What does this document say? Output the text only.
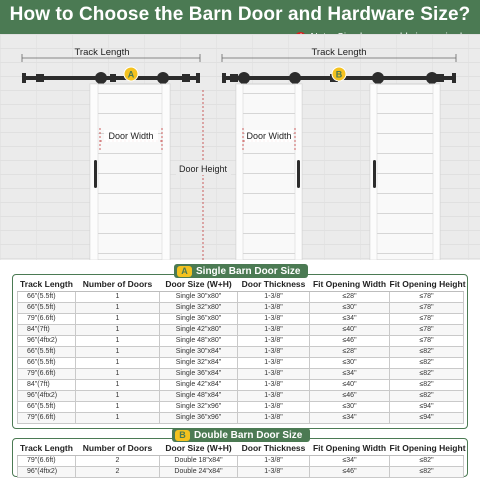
How to Choose the Barn Door and Hardware Size?
Track Length
A
Door Width
Door Height
Track Length
B
Door Width
A Single Barn Door Size
Track Length	Number of Doors	Door Size (W+H)	Door Thickness	Fit Opening Width	Fit Opening Height
66"(5.5ft)	1	Single 30"x80"	1-3/8"	≤28"	≤78"
66"(5.5ft)	1	Single 32"x80"	1-3/8"	≤30"	≤78"
79"(6.6ft)	1	Single 36"x80"	1-3/8"	≤34"	≤78"
84"(7ft)	1	Single 42"x80"	1-3/8"	≤40"	≤78"
96"(4ftx2)	1	Single 48"x80"	1-3/8"	≤46"	≤78"
66"(5.5ft)	1	Single 30"x84"	1-3/8"	≤28"	≤82"
66"(5.5ft)	1	Single 32"x84"	1-3/8"	≤30"	≤82"
79"(6.6ft)	1	Single 36"x84"	1-3/8"	≤34"	≤82"
84"(7ft)	1	Single 42"x84"	1-3/8"	≤40"	≤82"
96"(4ftx2)	1	Single 48"x84"	1-3/8"	≤46"	≤82"
66"(5.5ft)	1	Single 32"x96"	1-3/8"	≤30"	≤94"
79"(6.6ft)	1	Single 36"x96"	1-3/8"	≤34"	≤94"
B Double Barn Door Size
Track Length	Number of Doors	Door Size (W+H)	Door Thickness	Fit Opening Width	Fit Opening Height
79"(6.6ft)	2	Double 18"x84"	1-3/8"	≤34"	≤82"
96"(4ftx2)	2	Double 24"x84"	1-3/8"	≤46"	≤82"
